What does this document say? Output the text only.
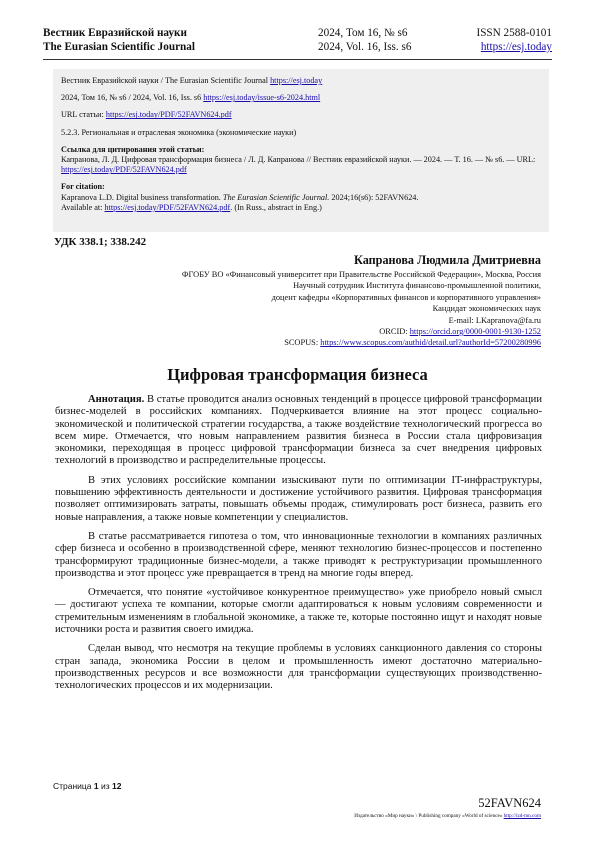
Вестник Евразийской науки
The Eurasian Scientific Journal
2024, Том 16, № s6
2024, Vol. 16, Iss. s6
ISSN 2588-0101
https://esj.today

Вестник Евразийской науки / The Eurasian Scientific Journal https://esj.today

2024, Том 16, № s6 / 2024, Vol. 16, Iss. s6 https://esj.today/issue-s6-2024.html

URL статьи: https://esj.today/PDF/52FAVN624.pdf

5.2.3. Региональная и отраслевая экономика (экономические науки)

Ссылка для цитирования этой статьи:
Капранова, Л. Д. Цифровая трансформация бизнеса / Л. Д. Капранова // Вестник евразийской науки. — 2024. — Т. 16. — № s6. — URL: https://esj.today/PDF/52FAVN624.pdf

For citation:
Kapranova L.D. Digital business transformation. The Eurasian Scientific Journal. 2024;16(s6): 52FAVN624.
Available at: https://esj.today/PDF/52FAVN624.pdf. (In Russ., abstract in Eng.)

УДК 338.1; 338.242
Капранова Людмила Дмитриевна
ФГОБУ ВО «Финансовый университет при Правительстве Российской Федерации», Москва, Россия
Научный сотрудник Института финансово-промышленной политики,
доцент кафедры «Корпоративных финансов и корпоративного управления»
Кандидат экономических наук
E-mail: LKapranova@fa.ru
ORCID: https://orcid.org/0000-0001-9130-1252
SCOPUS: https://www.scopus.com/authid/detail.url?authorId=57200280996
Цифровая трансформация бизнеса

Аннотация. В статье проводится анализ основных тенденций в процессе цифровой трансформации бизнес-моделей в российских компаниях. Подчеркивается влияние на этот процесс социально-экономической и политической стратегии государства, а также воздействие технологический прогресса во всем мире. Отмечается, что новым направлением развития бизнеса в России стала цифровизация экономики, переходящая в процесс цифровой трансформации бизнеса за счет внедрения цифровых технологий в производство и распределительные процессы.

В этих условиях российские компании изыскивают пути по оптимизации IT-инфраструктуры, повышению эффективность деятельности и достижение устойчивого развития. Цифровая трансформация позволяет оптимизировать затраты, повышать объемы продаж, стимулировать рост бизнеса, развить его новые направления, а также новые компетенции у специалистов.

В статье рассматривается гипотеза о том, что инновационные технологии в компаниях различных сфер бизнеса и особенно в производственной сфере, меняют технологию бизнес-процессов и постепенно трансформируют традиционные бизнес-модели, а также приводят к реструктуризации промышленного производства и этот процесс уже превращается в тренд на многие годы вперед.

Отмечается, что понятие «устойчивое конкурентное преимущество» уже приобрело новый смысл — достигают успеха те компании, которые смогли адаптироваться к новым условиям современности и стремительным изменениям в глобальной экономике, а также те, которые постоянно ищут и находят новые источники роста и развития своего имиджа.

Сделан вывод, что несмотря на текущие проблемы в условиях санкционного давления со стороны стран запада, экономика России в целом и промышленность имеют достаточно материально-производственных ресурсов и все возможности для трансформации существующих производственно-технологических процессов и их модернизации.

Страница 1 из 12
52FAVN624
Издательство «Мир науки» \ Publishing company «World of science» http://izd-mn.com
